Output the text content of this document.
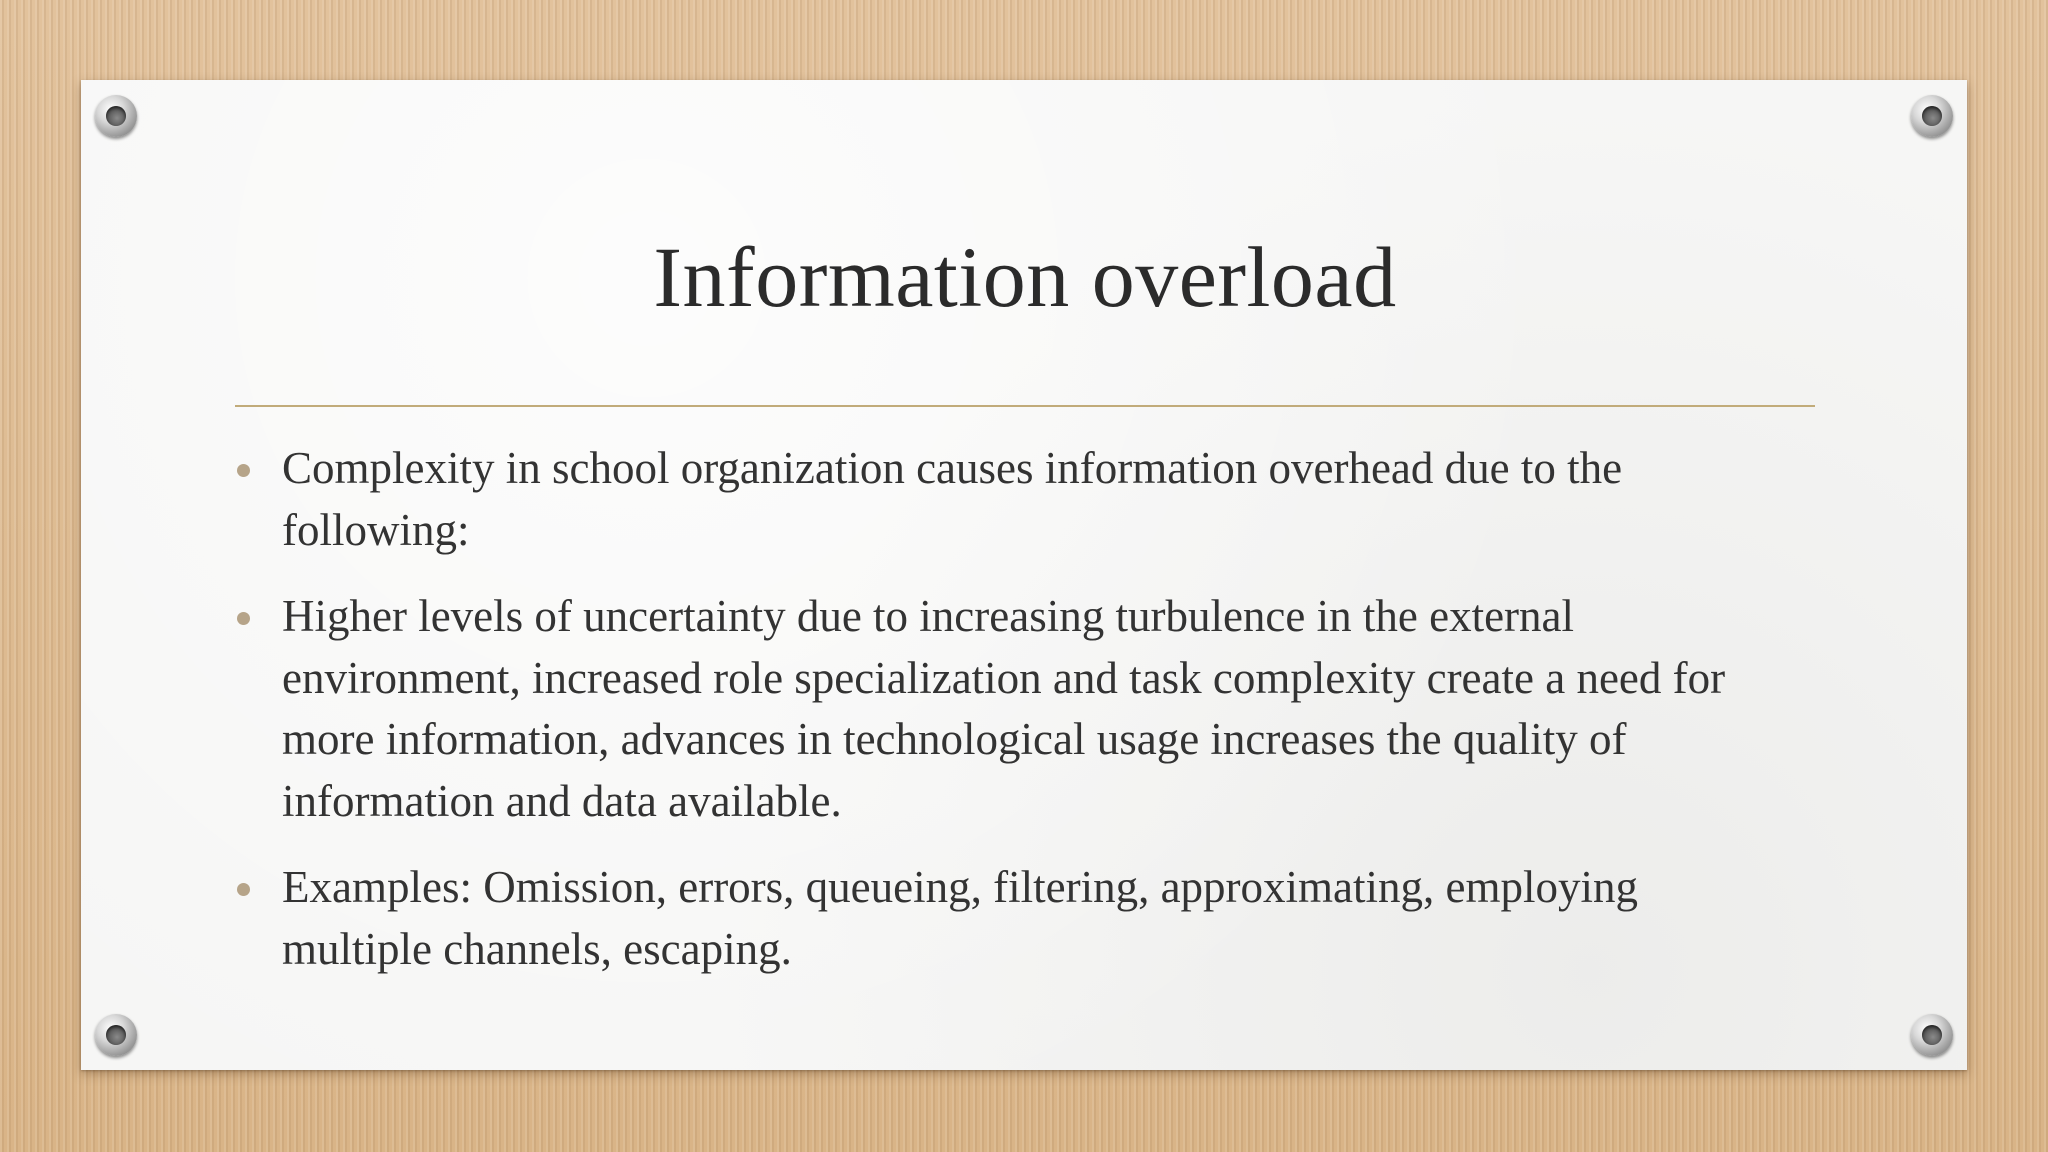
Information overload
Complexity in school organization causes information overhead due to the following:
Higher levels of uncertainty due to increasing turbulence in the external environment, increased role specialization and task complexity create a need for more information, advances in technological usage increases the quality of information and data available.
Examples: Omission, errors, queueing, filtering, approximating, employing multiple channels, escaping.
